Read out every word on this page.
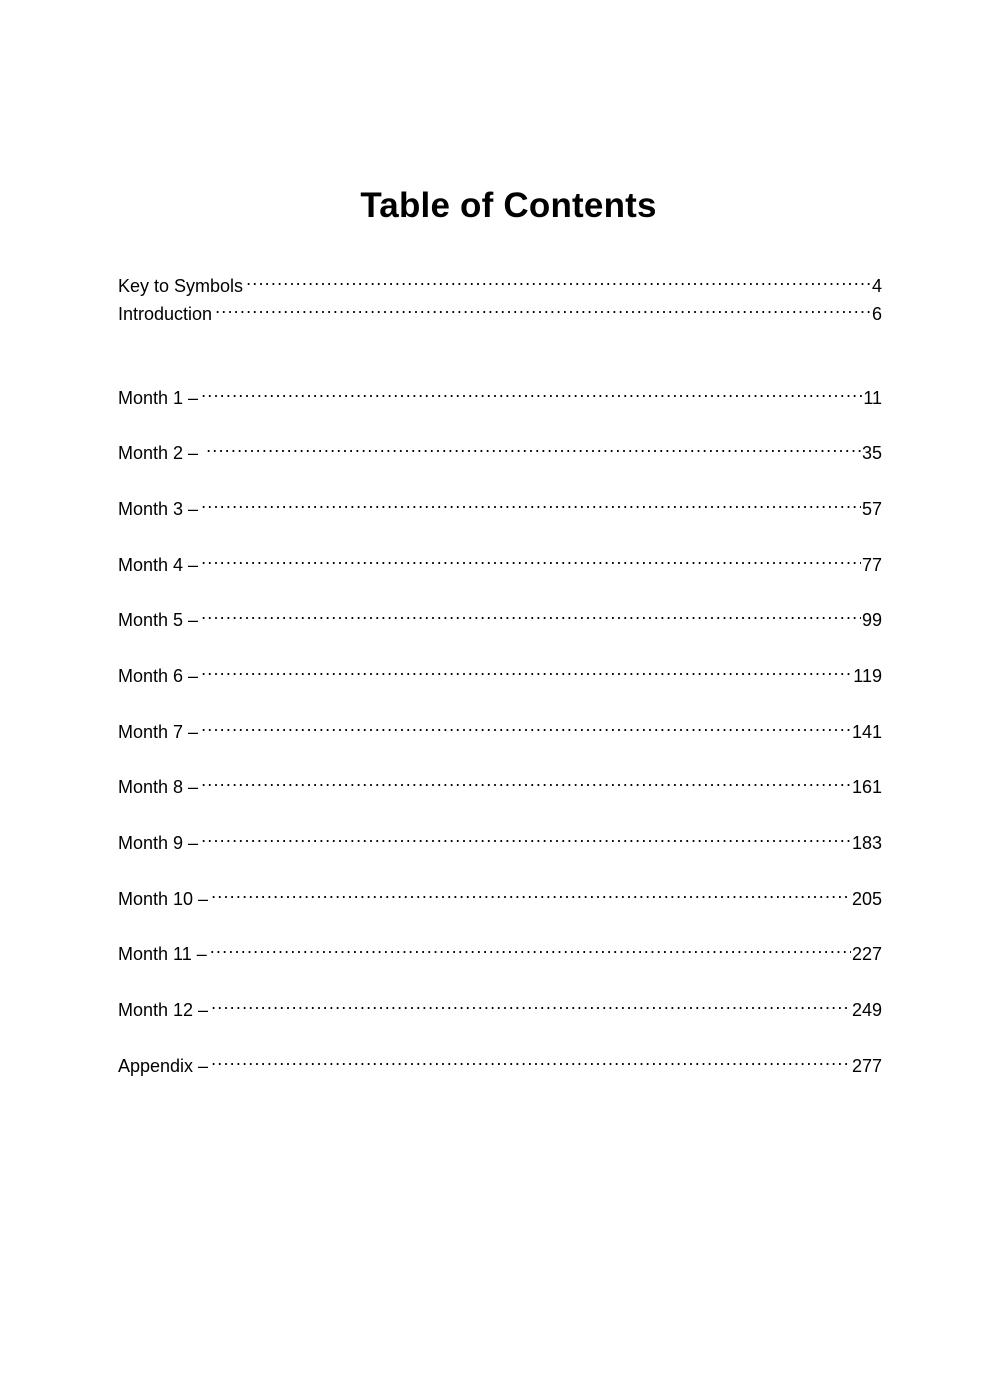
Table of Contents
Key to Symbols .....	4
Introduction .....	6
Month 1 – .....	11
Month 2 – .....	35
Month 3 – .....	57
Month 4 – .....	77
Month 5 – .....	99
Month 6 – .....	119
Month 7 – .....	141
Month 8 – .....	161
Month 9 – .....	183
Month 10 – .....	205
Month 11 – .....	227
Month 12 – .....	249
Appendix – .....	277
